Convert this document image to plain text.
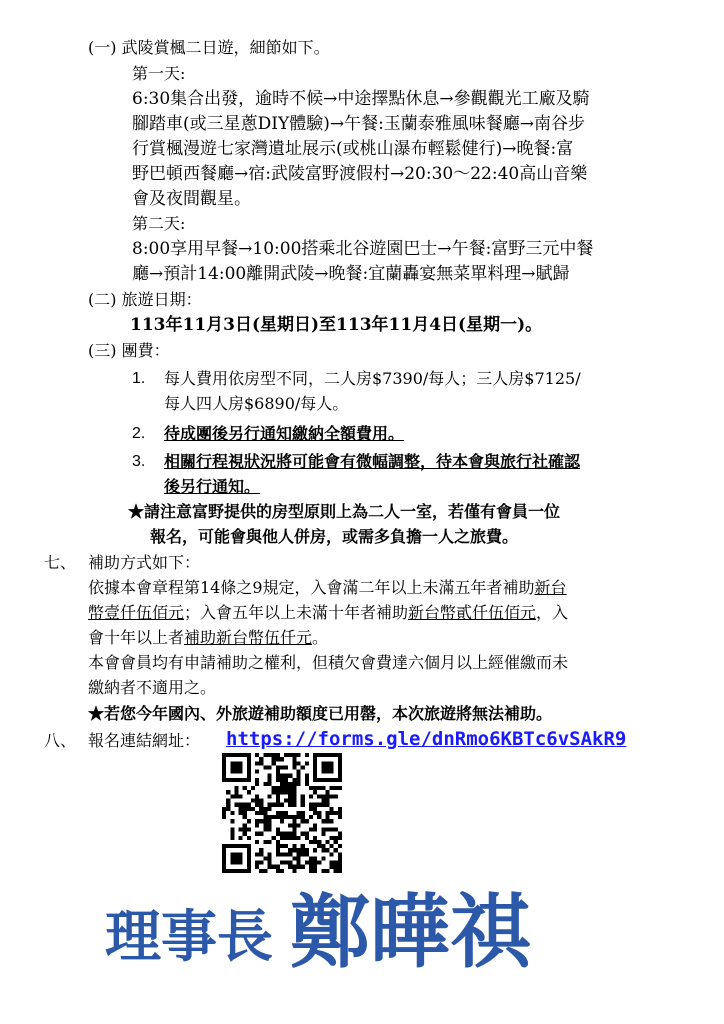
(一) 武陵賞楓二日遊，細節如下。
第一天:
6:30集合出發，逾時不候→中途擇點休息→參觀觀光工廠及騎
腳踏車(或三星蔥DIY體驗)→午餐:玉蘭泰雅風味餐廳→南谷步
行賞楓漫遊七家灣遺址展示(或桃山瀑布輕鬆健行)→晚餐:富
野巴頓西餐廳→宿:武陵富野渡假村→20:30～22:40高山音樂
會及夜間觀星。
第二天:
8:00享用早餐→10:00搭乘北谷遊園巴士→午餐:富野三元中餐
廳→預計14:00離開武陵→晚餐:宜蘭轟宴無菜單料理→賦歸
(二) 旅遊日期：
113年11月3日(星期日)至113年11月4日(星期一)。
(三) 團費：
1. 每人費用依房型不同，二人房$7390/每人；三人房$7125/
每人四人房$6890/每人。
2. 待成團後另行通知繳納全額費用。
3. 相關行程視狀況將可能會有微幅調整，待本會與旅行社確認
後另行通知。
★請注意富野提供的房型原則上為二人一室，若僅有會員一位
報名，可能會與他人併房，或需多負擔一人之旅費。
七、 補助方式如下：
依據本會章程第14條之9規定，入會滿二年以上未滿五年者補助新台
幣壹仟伍佰元；入會五年以上未滿十年者補助新台幣貳仟伍佰元，入
會十年以上者補助新台幣伍仟元。
本會會員均有申請補助之權利，但積欠會費達六個月以上經催繳而未
繳納者不適用之。
★若您今年國內、外旅遊補助額度已用罄，本次旅遊將無法補助。
八、 報名連結網址： https://forms.gle/dnRmo6KBTc6vSAkR9
理事長 鄭曄祺
